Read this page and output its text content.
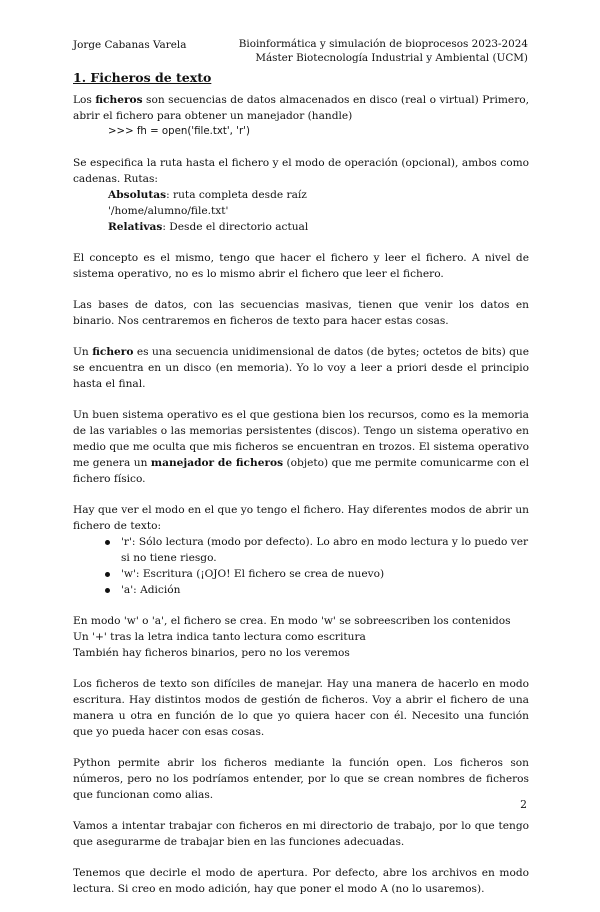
Jorge Cabanas Varela	Bioinformática y simulación de bioprocesos 2023-2024
Máster Biotecnología Industrial y Ambiental (UCM)
1. Ficheros de texto

Los ficheros son secuencias de datos almacenados en disco (real o virtual) Primero, abrir el fichero para obtener un manejador (handle)

>>> fh = open('file.txt', 'r')

Se especifica la ruta hasta el fichero y el modo de operación (opcional), ambos como cadenas. Rutas:

Absolutas: ruta completa desde raíz
'/home/alumno/file.txt'
Relativas: Desde el directorio actual

El concepto es el mismo, tengo que hacer el fichero y leer el fichero. A nivel de sistema operativo, no es lo mismo abrir el fichero que leer el fichero.

Las bases de datos, con las secuencias masivas, tienen que venir los datos en binario. Nos centraremos en ficheros de texto para hacer estas cosas.

Un fichero es una secuencia unidimensional de datos (de bytes; octetos de bits) que se encuentra en un disco (en memoria). Yo lo voy a leer a priori desde el principio hasta el final.

Un buen sistema operativo es el que gestiona bien los recursos, como es la memoria de las variables o las memorias persistentes (discos). Tengo un sistema operativo en medio que me oculta que mis ficheros se encuentran en trozos. El sistema operativo me genera un manejador de ficheros (objeto) que me permite comunicarme con el fichero físico.

Hay que ver el modo en el que yo tengo el fichero. Hay diferentes modos de abrir un fichero de texto:

'r': Sólo lectura (modo por defecto). Lo abro en modo lectura y lo puedo ver si no tiene riesgo.
'w': Escritura (¡OJO! El fichero se crea de nuevo)
'a': Adición

En modo 'w' o 'a', el fichero se crea. En modo 'w' se sobreescriben los contenidos

Un '+' tras la letra indica tanto lectura como escritura

También hay ficheros binarios, pero no los veremos

Los ficheros de texto son difíciles de manejar. Hay una manera de hacerlo en modo escritura. Hay distintos modos de gestión de ficheros. Voy a abrir el fichero de una manera u otra en función de lo que yo quiera hacer con él. Necesito una función que yo pueda hacer con esas cosas.

Python permite abrir los ficheros mediante la función open. Los ficheros son números, pero no los podríamos entender, por lo que se crean nombres de ficheros que funcionan como alias.

Vamos a intentar trabajar con ficheros en mi directorio de trabajo, por lo que tengo que asegurarme de trabajar bien en las funciones adecuadas.

Tenemos que decirle el modo de apertura. Por defecto, abre los archivos en modo lectura. Si creo en modo adición, hay que poner el modo A (no lo usaremos).

2
